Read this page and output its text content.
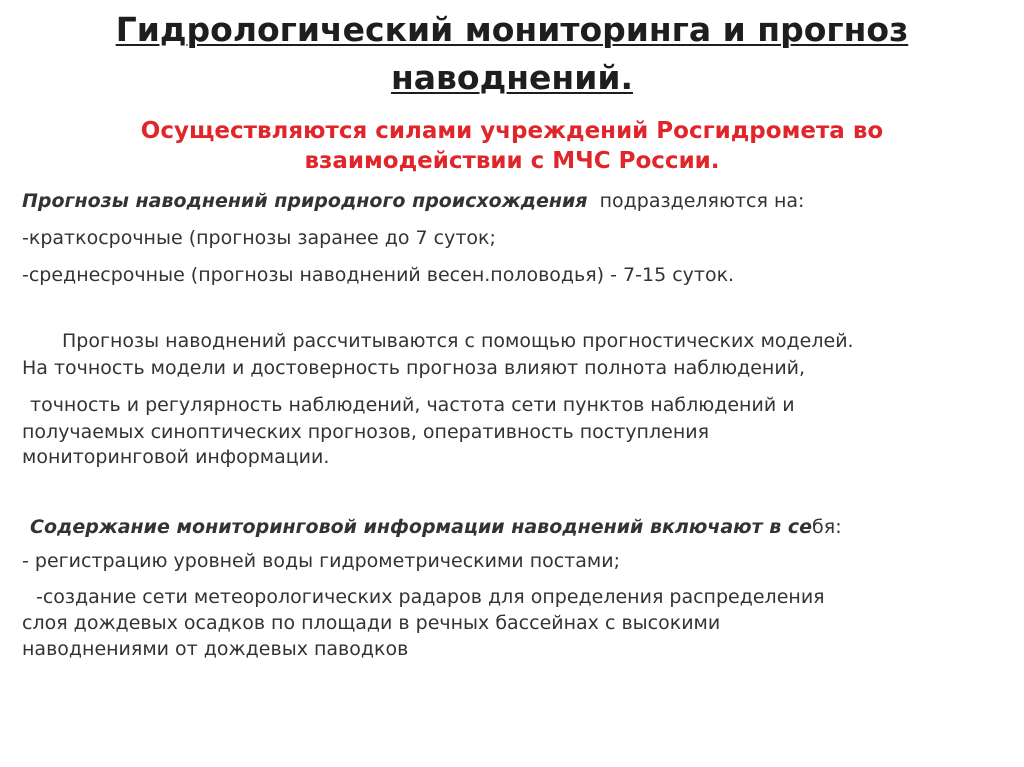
Гидрологический мониторинга и прогноз
наводнений.

Осуществляются силами учреждений Росгидромета во

взаимодействии с МЧС России.

Прогнозы наводнений природного происхождения  подразделяются на:
-краткосрочные (прогнозы заранее до 7 суток;
-среднесрочные (прогнозы наводнений весен.половодья) - 7-15 суток.
Прогнозы наводнений рассчитываются с помощью прогностических моделей.
На точность модели и достоверность прогноза влияют полнота наблюдений,
точность и регулярность наблюдений, частота сети пунктов наблюдений и
получаемых синоптических прогнозов, оперативность поступления
мониторинговой информации.
Содержание мониторинговой информации наводнений включают в себя:
- регистрацию уровней воды гидрометрическими постами;
-создание сети метеорологических радаров для определения распределения
слоя дождевых осадков по площади в речных бассейнах с высокими
наводнениями от дождевых паводков
